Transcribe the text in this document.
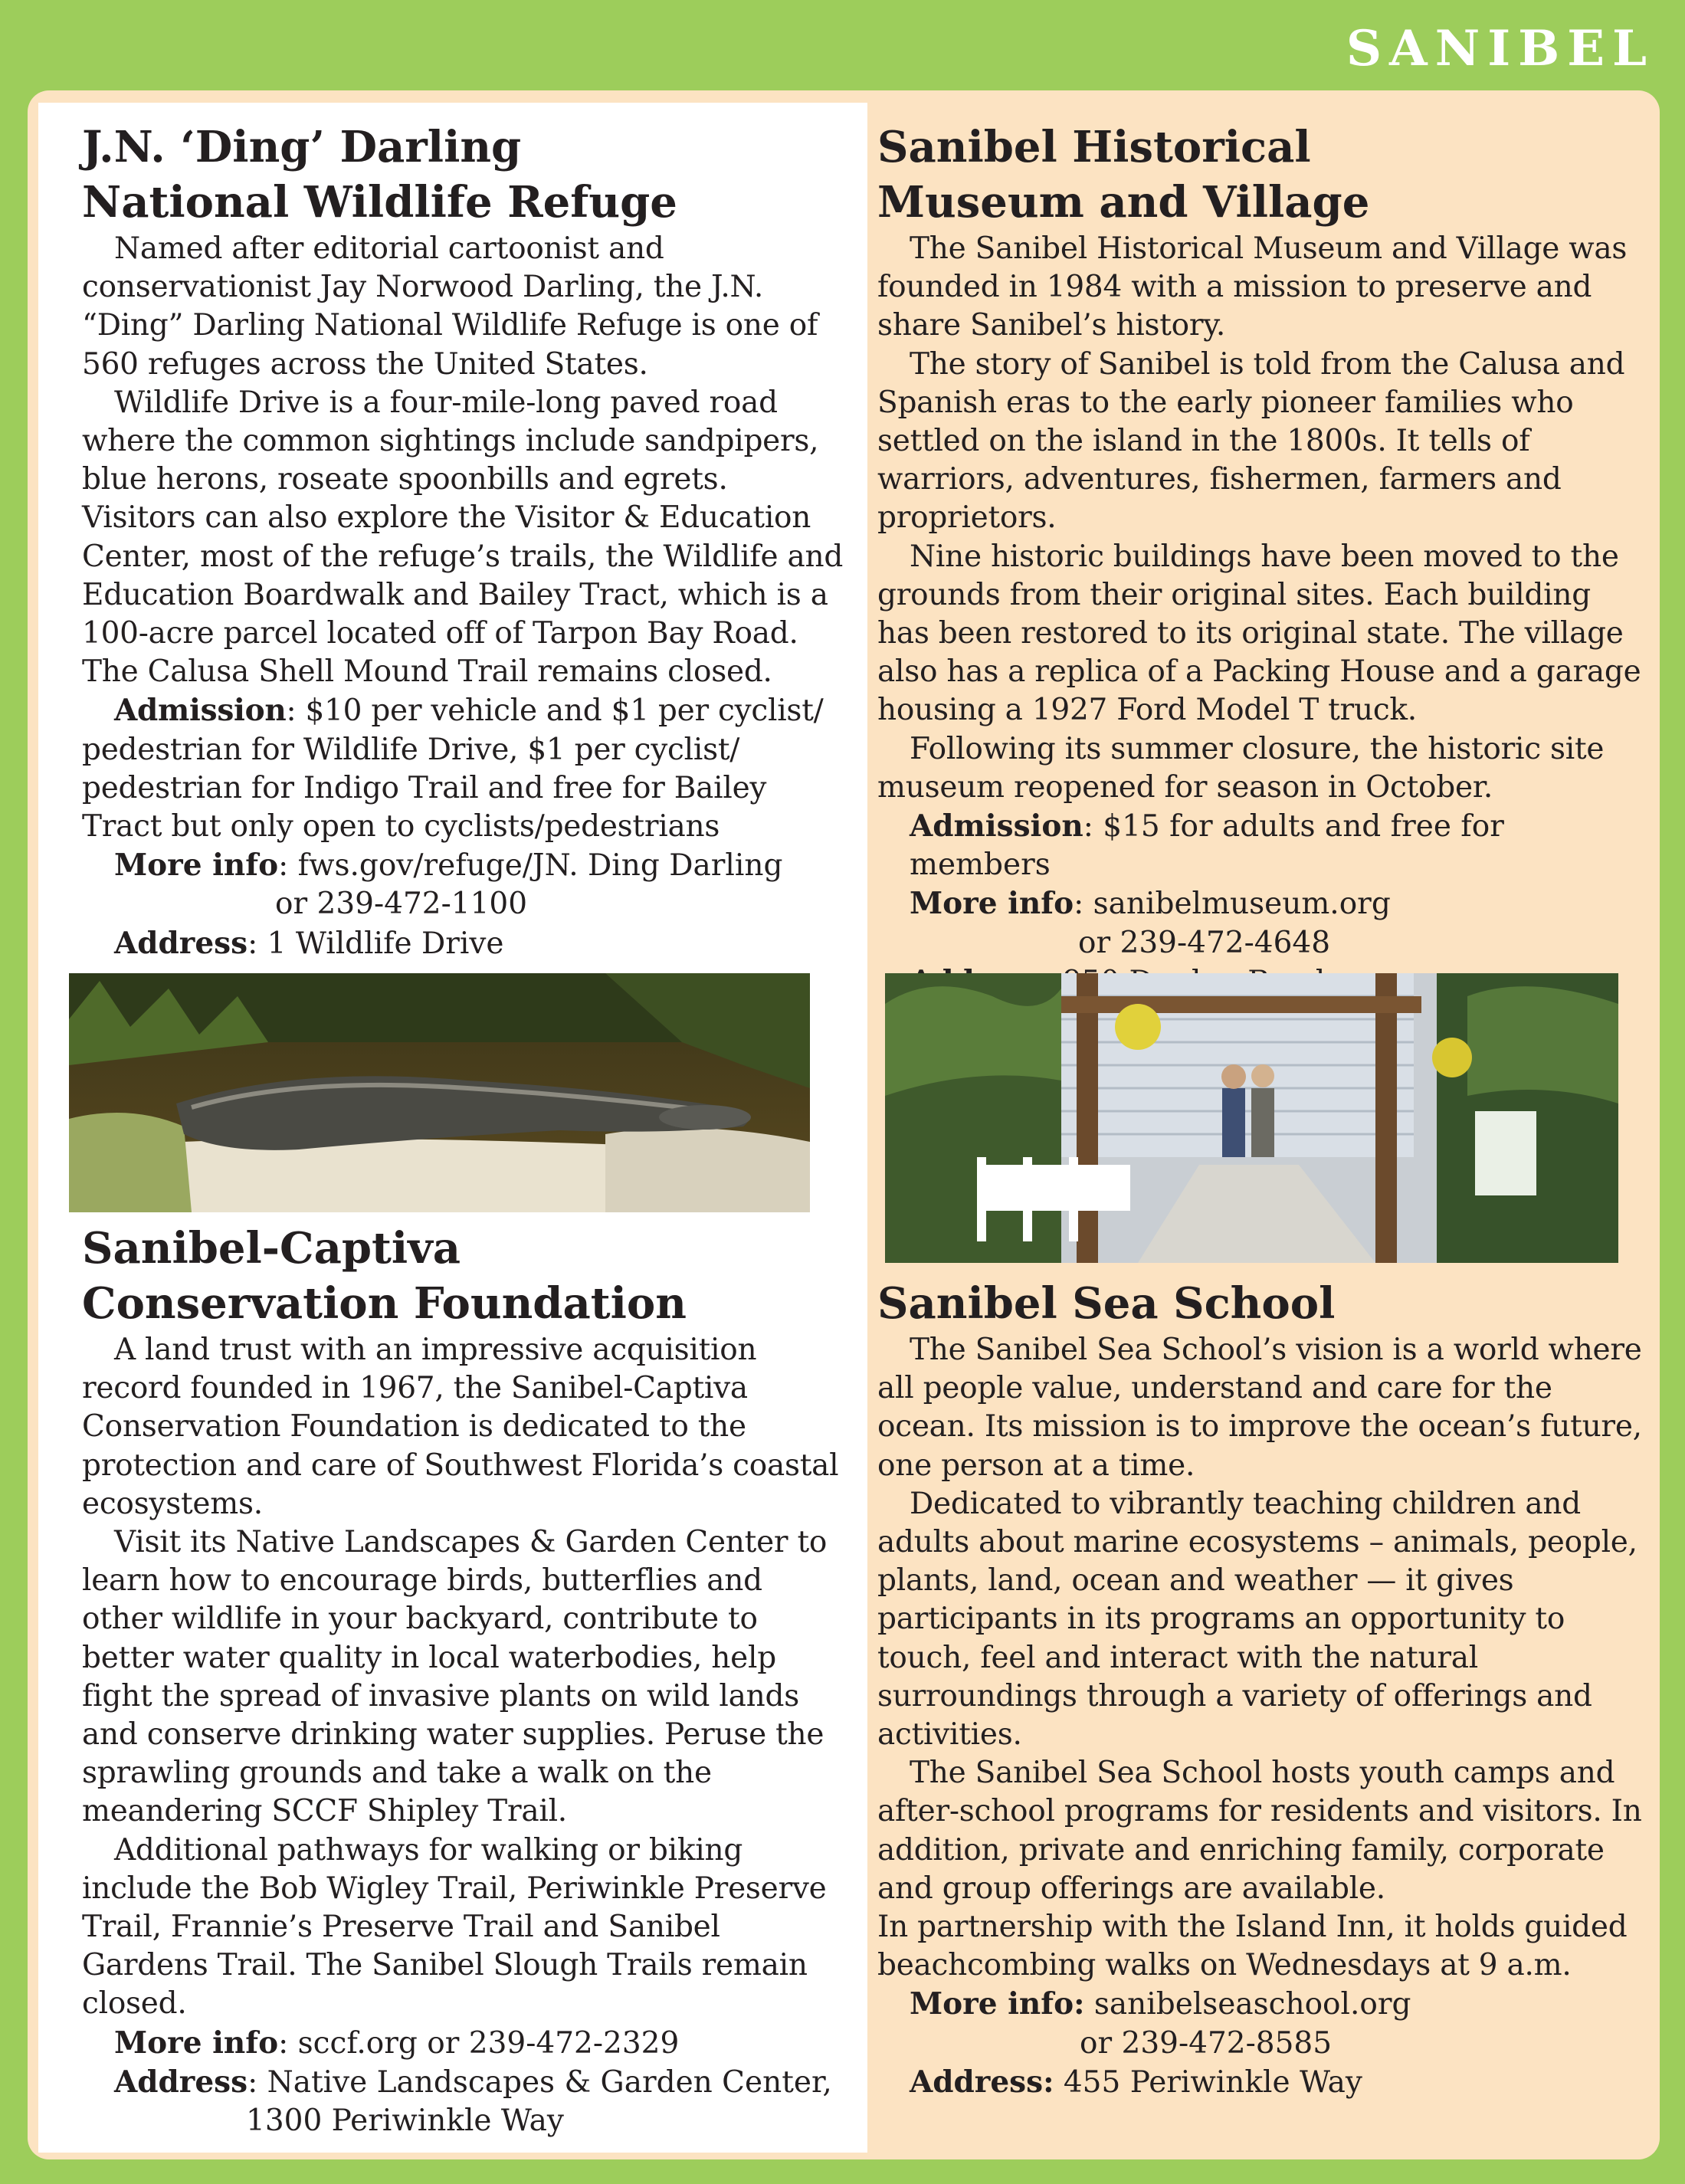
SANIBEL
J.N. ‘Ding’ Darling
National Wildlife Refuge

Named after editorial cartoonist and conservationist Jay Norwood Darling, the J.N. “Ding” Darling National Wildlife Refuge is one of 560 refuges across the United States.

Wildlife Drive is a four-mile-long paved road where the common sightings include sandpipers, blue herons, roseate spoonbills and egrets. Visitors can also explore the Visitor & Education Center, most of the refuge’s trails, the Wildlife and Education Boardwalk and Bailey Tract, which is a 100-acre parcel located off of Tarpon Bay Road. The Calusa Shell Mound Trail remains closed.

Admission: $10 per vehicle and $1 per cyclist/ pedestrian for Wildlife Drive, $1 per cyclist/ pedestrian for Indigo Trail and free for Bailey Tract but only open to cyclists/pedestrians

More info: fws.gov/refuge/JN. Ding Darling
or 239-472-1100

Address: 1 Wildlife Drive

Sanibel-Captiva
Conservation Foundation

A land trust with an impressive acquisition record founded in 1967, the Sanibel-Captiva Conservation Foundation is dedicated to the protection and care of Southwest Florida’s coastal ecosystems.

Visit its Native Landscapes & Garden Center to learn how to encourage birds, butterflies and other wildlife in your backyard, contribute to better water quality in local waterbodies, help fight the spread of invasive plants on wild lands and conserve drinking water supplies. Peruse the sprawling grounds and take a walk on the meandering SCCF Shipley Trail.

Additional pathways for walking or biking include the Bob Wigley Trail, Periwinkle Preserve Trail, Frannie’s Preserve Trail and Sanibel Gardens Trail. The Sanibel Slough Trails remain closed.

More info: sccf.org or 239-472-2329

Address: Native Landscapes & Garden Center,
1300 Periwinkle Way

Sanibel Historical
Museum and Village

The Sanibel Historical Museum and Village was founded in 1984 with a mission to preserve and share Sanibel’s history.

The story of Sanibel is told from the Calusa and Spanish eras to the early pioneer families who settled on the island in the 1800s. It tells of warriors, adventures, fishermen, farmers and proprietors.

Nine historic buildings have been moved to the grounds from their original sites. Each building has been restored to its original state. The village also has a replica of a Packing House and a garage housing a 1927 Ford Model T truck.

Following its summer closure, the historic site museum reopened for season in October.

Admission: $15 for adults and free for members

More info: sanibelmuseum.org
or 239-472-4648

Sanibel Sea School

The Sanibel Sea School’s vision is a world where all people value, understand and care for the ocean. Its mission is to improve the ocean’s future, one person at a time.

Dedicated to vibrantly teaching children and adults about marine ecosystems – animals, people, plants, land, ocean and weather — it gives participants in its programs an opportunity to touch, feel and interact with the natural surroundings through a variety of offerings and activities.

The Sanibel Sea School hosts youth camps and after-school programs for residents and visitors. In addition, private and enriching family, corporate and group offerings are available.

In partnership with the Island Inn, it holds guided beachcombing walks on Wednesdays at 9 a.m.

More info: sanibelseaschool.org
or 239-472-8585

Address: 455 Periwinkle Way
